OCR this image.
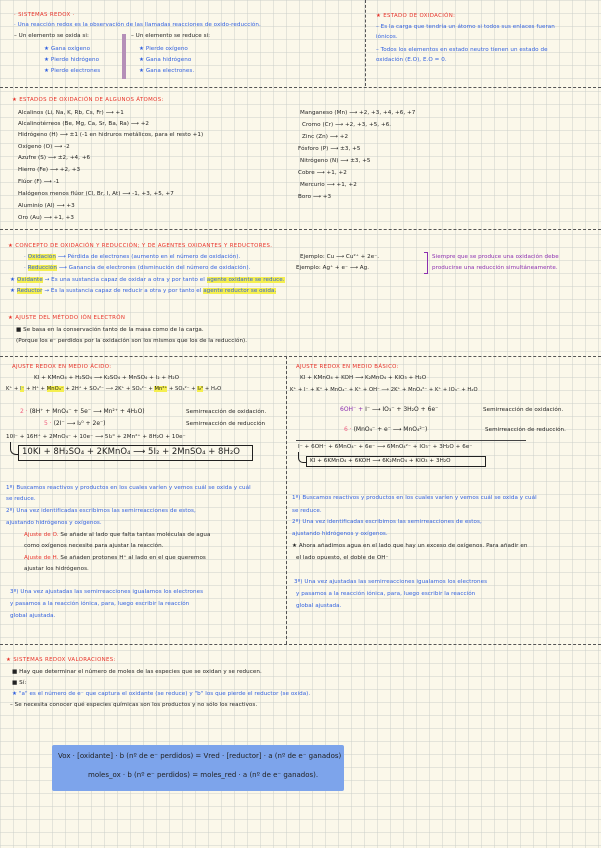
· SISTEMAS REDOX ·
· Una reacción redox es la observación de las llamadas reacciones de oxido-reducción.
– Un elemento se oxida si:
★ Gana oxígeno
★ Pierde hidrógeno
★ Pierde electrones
– Un elemento se reduce si:
★ Pierde oxígeno
★ Gana hidrógeno
★ Gana electrones.
★ ESTADO DE OXIDACIÓN:
– Es la carga que tendría un átomo si todos sus enlaces fueran
iónicos.
– Todos los elementos en estado neutro tienen un estado de
oxidación (E.O), E.O = 0.
★ ESTADOS DE OXIDACIÓN DE ALGUNOS ÁTOMOS:
Alcalinos (Li, Na, K, Rb, Cs, Fr) ⟶ +1
Alcalinotérreos (Be, Mg, Ca, Sr, Ba, Ra) ⟶ +2
Hidrógeno (H) ⟶ ±1 (-1 en hidruros metálicos, para el resto +1)
Oxígeno (O) ⟶ -2
Azufre (S) ⟶ ±2, +4, +6
Hierro (Fe) ⟶ +2, +3
Flúor (F) ⟶ -1
Halógenos menos flúor (Cl, Br, I, At) ⟶ -1, +3, +5, +7
Aluminio (Al) ⟶ +3
Oro (Au) ⟶ +1, +3
Manganeso (Mn) ⟶ +2, +3, +4, +6, +7
Cromo (Cr) ⟶ +2, +3, +5, +6.
Zinc (Zn) ⟶ +2
Fósforo (P) ⟶ ±3, +5
Nitrógeno (N) ⟶ ±3, +5
Cobre ⟶ +1, +2
Mercurio ⟶ +1, +2
Boro ⟶ +3
★ CONCEPTO DE OXIDACIÓN Y REDUCCIÓN; Y DE AGENTES OXIDANTES Y REDUCTORES.
· Oxidación ⟶ Pérdida de electrones (aumento en el número de oxidación).	Ejemplo: Cu ⟶ Cu²⁺ + 2e⁻.
· Reducción ⟶ Ganancia de electrones (disminución del número de oxidación).	Ejemplo: Ag⁺ + e⁻ ⟶ Ag.
Siempre que se produce una oxidación debe
producirse una reducción simultáneamente.
★ Oxidante → Es una sustancia capaz de oxidar a otra y por tanto el agente oxidante se reduce.
★ Reductor → Es la sustancia capaz de reducir a otra y por tanto el agente reductor se oxida.
★ AJUSTE DEL MÉTODO IÓN ELECTRÓN
■ Se basa en la conservación tanto de la masa como de la carga.
(Porque los e⁻ perdidos por la oxidación son los mismos que los de la reducción).
AJUSTE REDOX EN MEDIO ÁCIDO:
KI + KMnO₄ + H₂SO₄ ⟶ K₂SO₄ + MnSO₄ + I₂ + H₂O
K⁺ + I⁻ + H⁺ + MnO₄⁻ + 2H⁺ + SO₄²⁻ ⟶ 2K⁺ + SO₄²⁻ + Mn²⁺ + SO₄²⁻ + I₂⁰ + H₂O
2 · (8H⁺ + MnO₄⁻ + 5e⁻ ⟶ Mn²⁺ + 4H₂O)	Semirreacción de oxidación.
5 · (2I⁻ ⟶ I₂⁰ + 2e⁻)	Semirreacción de reducción
10I⁻ + 16H⁺ + 2MnO₄⁻ + 10e⁻ ⟶ 5I₂⁰ + 2Mn²⁺ + 8H₂O + 10e⁻
10KI + 8H₂SO₄ + 2KMnO₄ ⟶ 5I₂ + 2MnSO₄ + 8H₂O
1º) Buscamos reactivos y productos en los cuales varíen y vemos cuál se oxida y cuál
se reduce.
2º) Una vez identificadas escribimos las semirreacciones de estos,
ajustando hidrógenos y oxígenos.
Ajuste de O. Se añade al lado que falta tantas moléculas de agua
como oxígenos necesite para ajustar la reacción.
Ajuste de H. Se añaden protones H⁺ al lado en el que queremos
ajustar los hidrógenos.
3º) Una vez ajustadas las semirreacciones igualamos los electrones
y pasamos a la reacción iónica, para, luego escribir la reacción
global ajustada.
AJUSTE REDOX EN MEDIO BÁSICO:
KI + KMnO₄ + KOH ⟶ K₂MnO₄ + KIO₃ + H₂O
K⁺ + I⁻ + K⁺ + MnO₄⁻ + K⁺ + OH⁻ ⟶ 2K⁺ + MnO₄²⁻ + K⁺ + IO₃⁻ + H₂O
6OH⁻ + I⁻ ⟶ IO₃⁻ + 3H₂O + 6e⁻	Semirreacción de oxidación.
6 · (MnO₄⁻ + e⁻ ⟶ MnO₄²⁻)	Semirreacción de reducción.
I⁻ + 6OH⁻ + 6MnO₄⁻ + 6e⁻ ⟶ 6MnO₄²⁻ + IO₃⁻ + 3H₂O + 6e⁻
KI + 6KMnO₄ + 6KOH ⟶ 6K₂MnO₄ + KIO₃ + 3H₂O
1º) Buscamos reactivos y productos en los cuales varíen y vemos cuál se oxida y cuál
se reduce.
2º) Una vez identificadas escribimos las semirreacciones de estos,
ajustando hidrógenos y oxígenos.
★ Ahora añadimos agua en el lado que hay un exceso de oxígenos. Para añadir en
el lado opuesto, el doble de OH⁻
3º) Una vez ajustadas las semirreacciones igualamos los electrones
y pasamos a la reacción iónica, para, luego escribir la reacción
global ajustada.
★ SISTEMAS REDOX VALORACIONES:
■ Hay que determinar el número de moles de las especies que se oxidan y se reducen.
■ Sí:
★ "a" es el número de e⁻ que captura el oxidante (se reduce) y "b" los que pierde el reductor (se oxida).
– Se necesita conocer qué especies químicas son los productos y no sólo los reactivos.
Vox · [oxidante] · b (nº de e⁻ perdidos) = Vred · [reductor] · a (nº de e⁻ ganados)
moles_ox · b (nº e⁻ perdidos) = moles_red · a (nº de e⁻ ganados).
